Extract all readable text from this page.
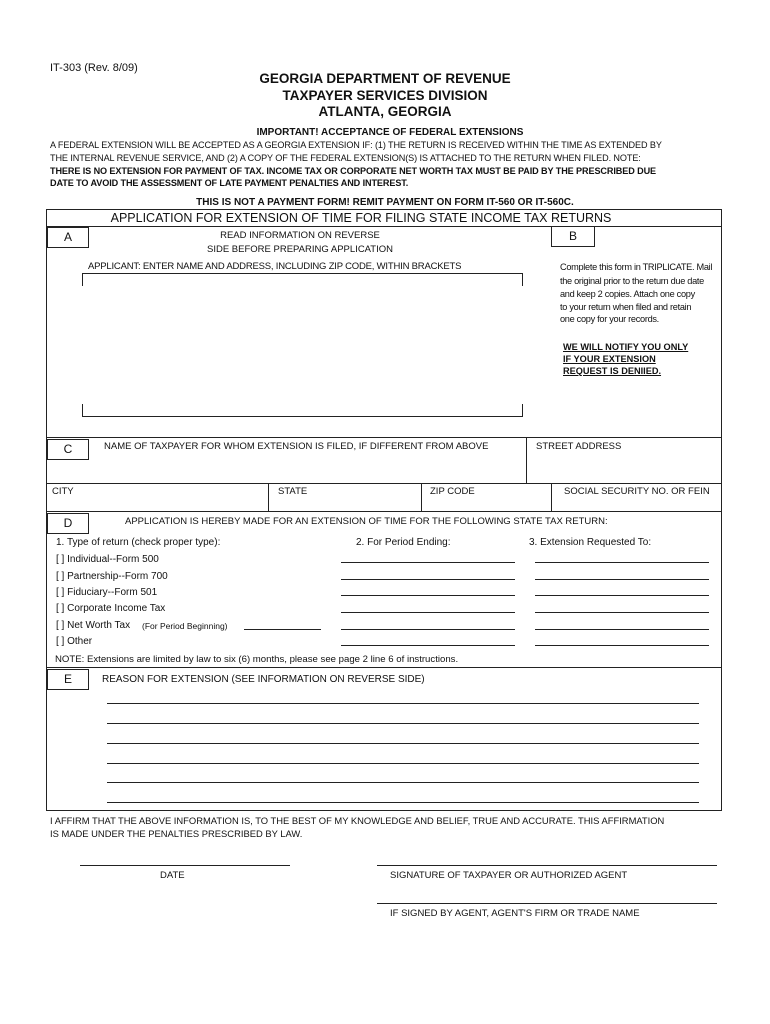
IT-303 (Rev. 8/09)
GEORGIA DEPARTMENT OF REVENUE
TAXPAYER SERVICES DIVISION
ATLANTA, GEORGIA
IMPORTANT! ACCEPTANCE OF FEDERAL EXTENSIONS
A FEDERAL EXTENSION WILL BE ACCEPTED AS A GEORGIA EXTENSION IF: (1) THE RETURN IS RECEIVED WITHIN THE TIME AS EXTENDED BY
THE INTERNAL REVENUE SERVICE, AND (2) A COPY OF THE FEDERAL EXTENSION(S) IS ATTACHED TO THE RETURN WHEN FILED. NOTE:
THERE IS NO EXTENSION FOR PAYMENT OF TAX. INCOME TAX OR CORPORATE NET WORTH TAX MUST BE PAID BY THE PRESCRIBED DUE
DATE TO AVOID THE ASSESSMENT OF LATE PAYMENT PENALTIES AND INTEREST.
THIS IS NOT A PAYMENT FORM! REMIT PAYMENT ON FORM IT-560 OR IT-560C.
APPLICATION FOR EXTENSION OF TIME FOR FILING STATE INCOME TAX RETURNS
A	READ INFORMATION ON REVERSE
SIDE BEFORE PREPARING APPLICATION
APPLICANT: ENTER NAME AND ADDRESS, INCLUDING ZIP CODE, WITHIN BRACKETS
B
Complete this form in TRIPLICATE. Mail
the original prior to the return due date
and keep 2 copies. Attach one copy
to your return when filed and retain
one copy for your records.
WE WILL NOTIFY YOU ONLY
IF YOUR EXTENSION
REQUEST IS DENIIED.
C	NAME OF TAXPAYER FOR WHOM EXTENSION IS FILED, IF DIFFERENT FROM ABOVE	STREET ADDRESS
CITY	STATE	ZIP CODE	SOCIAL SECURITY NO. OR FEIN
D	APPLICATION IS HEREBY MADE FOR AN EXTENSION OF TIME FOR THE FOLLOWING STATE TAX RETURN:
1. Type of return (check proper type):	2. For Period Ending:	3. Extension Requested To:
[ ] Individual--Form 500
[ ] Partnership--Form 700
[ ] Fiduciary--Form 501
[ ] Corporate Income Tax
[ ] Net Worth Tax (For Period Beginning)
[ ] Other
NOTE: Extensions are limited by law to six (6) months, please see page 2 line 6 of instructions.
E	REASON FOR EXTENSION (SEE INFORMATION ON REVERSE SIDE)
I AFFIRM THAT THE ABOVE INFORMATION IS, TO THE BEST OF MY KNOWLEDGE AND BELIEF, TRUE AND ACCURATE. THIS AFFIRMATION
IS MADE UNDER THE PENALTIES PRESCRIBED BY LAW.
DATE	SIGNATURE OF TAXPAYER OR AUTHORIZED AGENT
IF SIGNED BY AGENT, AGENT'S FIRM OR TRADE NAME
